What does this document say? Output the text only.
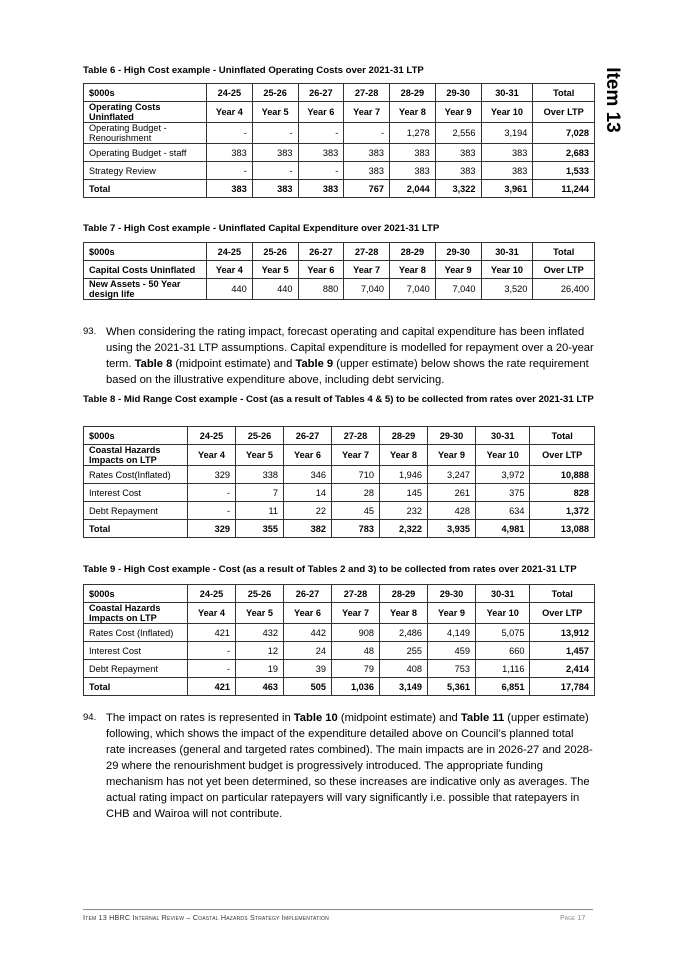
Item 13
Table 6 - High Cost example - Uninflated Operating Costs over 2021-31 LTP
$000s	24-25	25-26	26-27	27-28	28-29	29-30	30-31	Total
Operating Costs Uninflated	Year 4	Year 5	Year 6	Year 7	Year 8	Year 9	Year 10	Over LTP
Operating Budget - Renourishment	-	-	-	-	1,278	2,556	3,194	7,028
Operating Budget - staff	383	383	383	383	383	383	383	2,683
Strategy Review	-	-	-	383	383	383	383	1,533
Total	383	383	383	767	2,044	3,322	3,961	11,244
Table 7 - High Cost example - Uninflated Capital Expenditure over 2021-31 LTP
$000s	24-25	25-26	26-27	27-28	28-29	29-30	30-31	Total
Capital Costs Uninflated	Year 4	Year 5	Year 6	Year 7	Year 8	Year 9	Year 10	Over LTP
New Assets - 50 Year design life	440	440	880	7,040	7,040	7,040	3,520	26,400
93. When considering the rating impact, forecast operating and capital expenditure has been inflated using the 2021-31 LTP assumptions. Capital expenditure is modelled for repayment over a 20-year term. Table 8 (midpoint estimate) and Table 9 (upper estimate) below shows the rate requirement based on the illustrative expenditure above, including debt servicing.
Table 8 - Mid Range Cost example - Cost (as a result of Tables 4 & 5) to be collected from rates over 2021-31 LTP
$000s	24-25	25-26	26-27	27-28	28-29	29-30	30-31	Total
Coastal Hazards Impacts on LTP	Year 4	Year 5	Year 6	Year 7	Year 8	Year 9	Year 10	Over LTP
Rates Cost(Inflated)	329	338	346	710	1,946	3,247	3,972	10,888
Interest Cost	-	7	14	28	145	261	375	828
Debt Repayment	-	11	22	45	232	428	634	1,372
Total	329	355	382	783	2,322	3,935	4,981	13,088
Table 9 - High Cost example - Cost (as a result of Tables 2 and 3) to be collected from rates over 2021-31 LTP
$000s	24-25	25-26	26-27	27-28	28-29	29-30	30-31	Total
Coastal Hazards Impacts on LTP	Year 4	Year 5	Year 6	Year 7	Year 8	Year 9	Year 10	Over LTP
Rates Cost (Inflated)	421	432	442	908	2,486	4,149	5,075	13,912
Interest Cost	-	12	24	48	255	459	660	1,457
Debt Repayment	-	19	39	79	408	753	1,116	2,414
Total	421	463	505	1,036	3,149	5,361	6,851	17,784
94. The impact on rates is represented in Table 10 (midpoint estimate) and Table 11 (upper estimate) following, which shows the impact of the expenditure detailed above on Council’s planned total rate increases (general and targeted rates combined). The main impacts are in 2026-27 and 2028-29 where the renourishment budget is progressively introduced. The appropriate funding mechanism has not yet been determined, so these increases are indicative only as averages. The actual rating impact on particular ratepayers will vary significantly i.e. possible that ratepayers in CHB and Wairoa will not contribute.
Item 13 HBRC Internal Review – Coastal Hazards Strategy Implementation	Page 17
